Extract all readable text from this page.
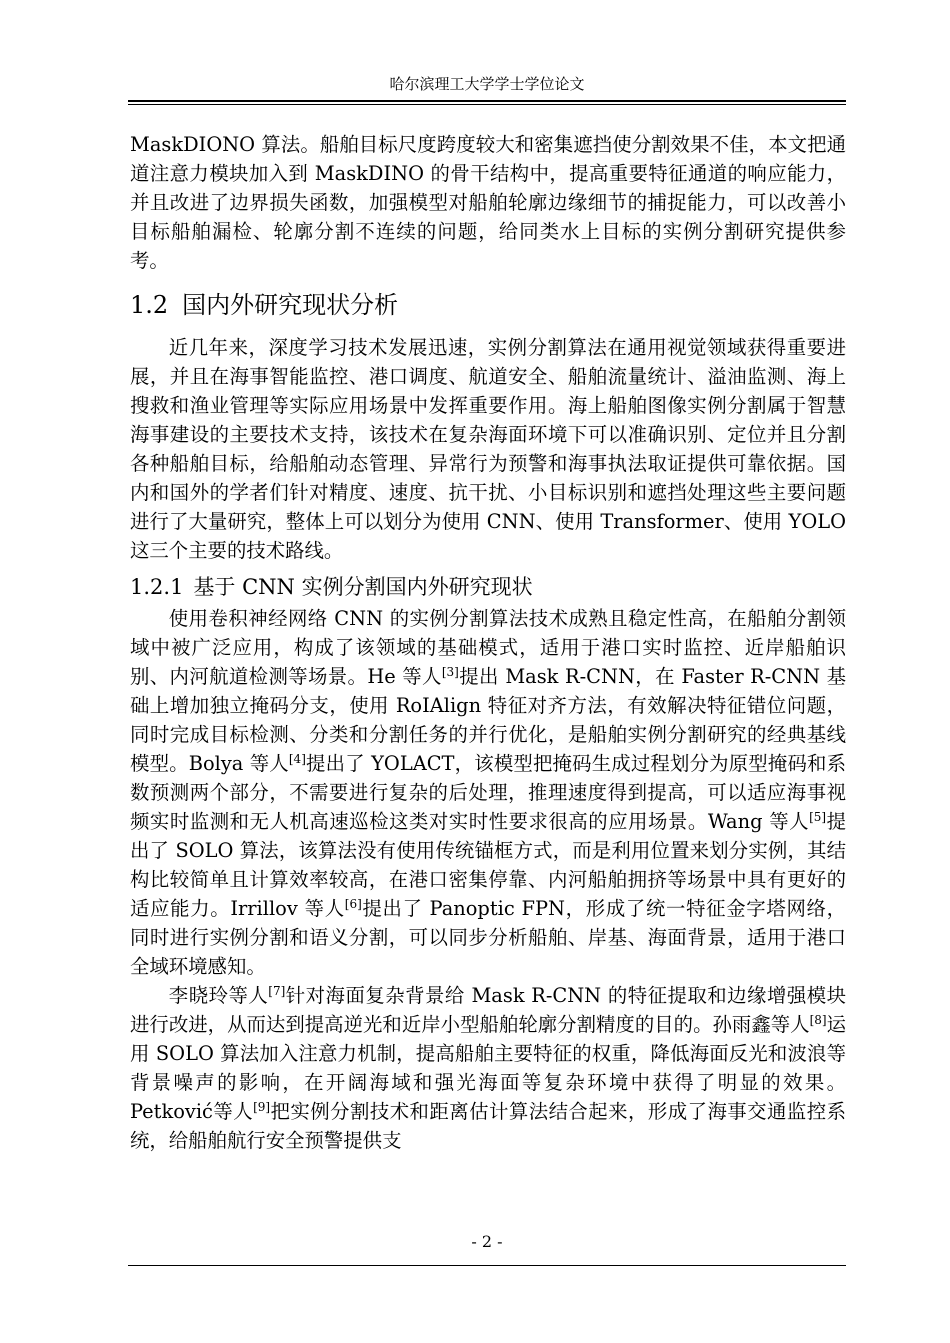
哈尔滨理工大学学士学位论文

MaskDIONO 算法。船舶目标尺度跨度较大和密集遮挡使分割效果不佳，本文把通道注意力模块加入到 MaskDINO 的骨干结构中，提高重要特征通道的响应能力，并且改进了边界损失函数，加强模型对船舶轮廓边缘细节的捕捉能力，可以改善小目标船舶漏检、轮廓分割不连续的问题，给同类水上目标的实例分割研究提供参考。

1.2 国内外研究现状分析

近几年来，深度学习技术发展迅速，实例分割算法在通用视觉领域获得重要进展，并且在海事智能监控、港口调度、航道安全、船舶流量统计、溢油监测、海上搜救和渔业管理等实际应用场景中发挥重要作用。海上船舶图像实例分割属于智慧海事建设的主要技术支持，该技术在复杂海面环境下可以准确识别、定位并且分割各种船舶目标，给船舶动态管理、异常行为预警和海事执法取证提供可靠依据。国内和国外的学者们针对精度、速度、抗干扰、小目标识别和遮挡处理这些主要问题进行了大量研究，整体上可以划分为使用 CNN、使用 Transformer、使用 YOLO 这三个主要的技术路线。

1.2.1 基于 CNN 实例分割国内外研究现状

使用卷积神经网络 CNN 的实例分割算法技术成熟且稳定性高，在船舶分割领域中被广泛应用，构成了该领域的基础模式，适用于港口实时监控、近岸船舶识别、内河航道检测等场景。He 等人[3]提出 Mask R-CNN，在 Faster R-CNN 基础上增加独立掩码分支，使用 RoIAlign 特征对齐方法，有效解决特征错位问题，同时完成目标检测、分类和分割任务的并行优化，是船舶实例分割研究的经典基线模型。Bolya 等人[4]提出了 YOLACT，该模型把掩码生成过程划分为原型掩码和系数预测两个部分，不需要进行复杂的后处理，推理速度得到提高，可以适应海事视频实时监测和无人机高速巡检这类对实时性要求很高的应用场景。Wang 等人[5]提出了 SOLO 算法，该算法没有使用传统锚框方式，而是利用位置来划分实例，其结构比较简单且计算效率较高，在港口密集停靠、内河船舶拥挤等场景中具有更好的适应能力。Irrillov 等人[6]提出了 Panoptic FPN，形成了统一特征金字塔网络，同时进行实例分割和语义分割，可以同步分析船舶、岸基、海面背景，适用于港口全域环境感知。

李晓玲等人[7]针对海面复杂背景给 Mask R-CNN 的特征提取和边缘增强模块进行改进，从而达到提高逆光和近岸小型船舶轮廓分割精度的目的。孙雨鑫等人[8]运用 SOLO 算法加入注意力机制，提高船舶主要特征的权重，降低海面反光和波浪等背景噪声的影响，在开阔海域和强光海面等复杂环境中获得了明显的效果。Petković等人[9]把实例分割技术和距离估计算法结合起来，形成了海事交通监控系统，给船舶航行安全预警提供支

- 2 -
